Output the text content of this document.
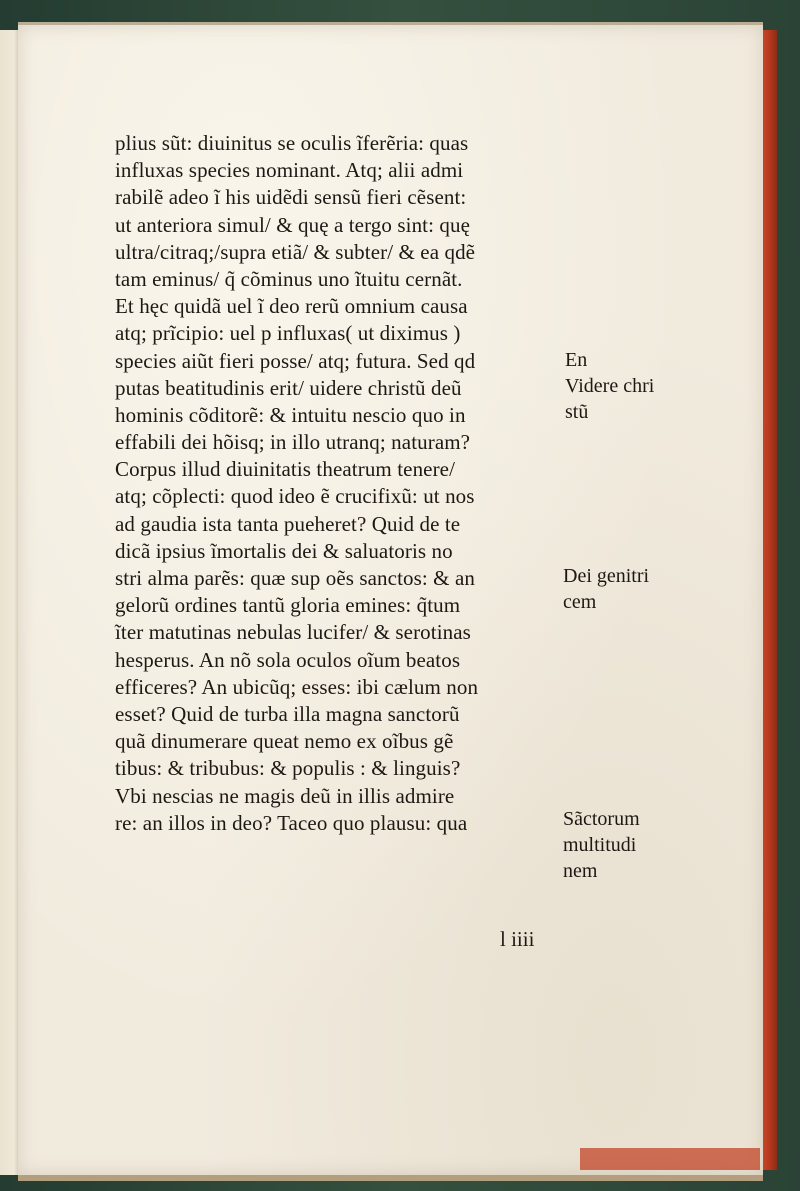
plius sũt: diuinitus se oculis ĩferẽria: quas
influxas species nominant. Atq; alii admi
rabilẽ adeo ĩ his uidẽdi sensũ fieri cẽsent:
ut anteriora simul/ & quę a tergo sint: quę
ultra/citraq;/supra etiã/ & subter/ & ea qdẽ
tam eminus/ q̃ cõminus uno ĩtuitu cernãt.
Et hęc quidã uel ĩ deo rerũ omnium causa
atq; prĩcipio: uel p influxas( ut diximus )
species aiũt fieri posse/ atq; futura. Sed qd
putas beatitudinis erit/ uidere christũ deũ
hominis cõditorẽ: & intuitu nescio quo in
effabili dei hõisq; in illo utranq; naturam?
Corpus illud diuinitatis theatrum tenere/
atq; cõplecti: quod ideo ẽ crucifixũ: ut nos
ad gaudia ista tanta pueheret? Quid de te
dicã ipsius ĩmortalis dei & saluatoris no
stri alma parẽs: quæ sup oẽs sanctos: & an
gelorũ ordines tantũ gloria emines: q̃tum
ĩter matutinas nebulas lucifer/ & serotinas
hesperus. An nõ sola oculos oĩum beatos
efficeres? An ubicũq; esses: ibi cælum non
esset? Quid de turba illa magna sanctorũ
quã dinumerare queat nemo ex oĩbus gẽ
tibus: & tribubus: & populis : & linguis?
Vbi nescias ne magis deũ in illis admire
re: an illos in deo? Taceo quo plausu: qua
l iiii
En
Videre chri
stũ
Dei genitri
cem
Sãctorum
multitudi
nem
